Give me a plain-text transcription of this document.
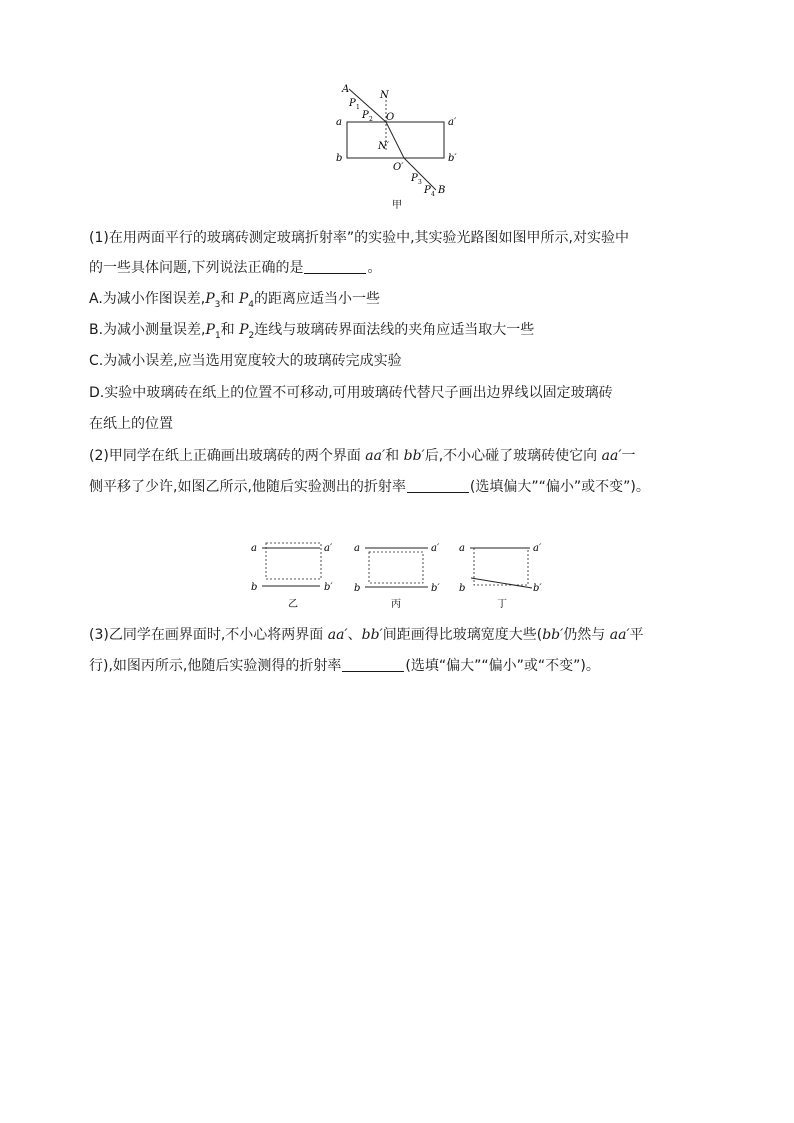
A
P 1
N
a
P 2 O	a′
b
N′
b′
O′
P 3
P 4 B
甲
(1)在用两面平行的玻璃砖测定玻璃折射率”的实验中,其实验光路图如图甲所示,对实验中
的一些具体问题,下列说法正确的是	。
A.为减小作图误差$,P_3$和 $P_4$的距离应适当小一些
B.为减小测量误差$,P_1$和 $P_2$连线与玻璃砖界面法线的夹角应适当取大一些
C.为减小误差,应当选用宽度较大的玻璃砖完成实验
D.实验中玻璃砖在纸上的位置不可移动,可用玻璃砖代替尺子画出边界线以固定玻璃砖
在纸上的位置
(2)甲同学在纸上正确画出玻璃砖的两个界面 aa′和 bb′后,不小心碰了玻璃砖使它向 aa′一
侧平移了少许,如图乙所示,他随后实验测出的折射率	(选填偏大”“偏小”或不变”)。
a	a′
b	b′
乙
a	a′
b	b′
丙
a	a′
b	b′
丁
(3)乙同学在画界面时,不小心将两界面 aa′、bb′间距画得比玻璃宽度大些(bb′仍然与 aa′平
行),如图丙所示,他随后实验测得的折射率	(选填“偏大”“偏小”或“不变”)。
